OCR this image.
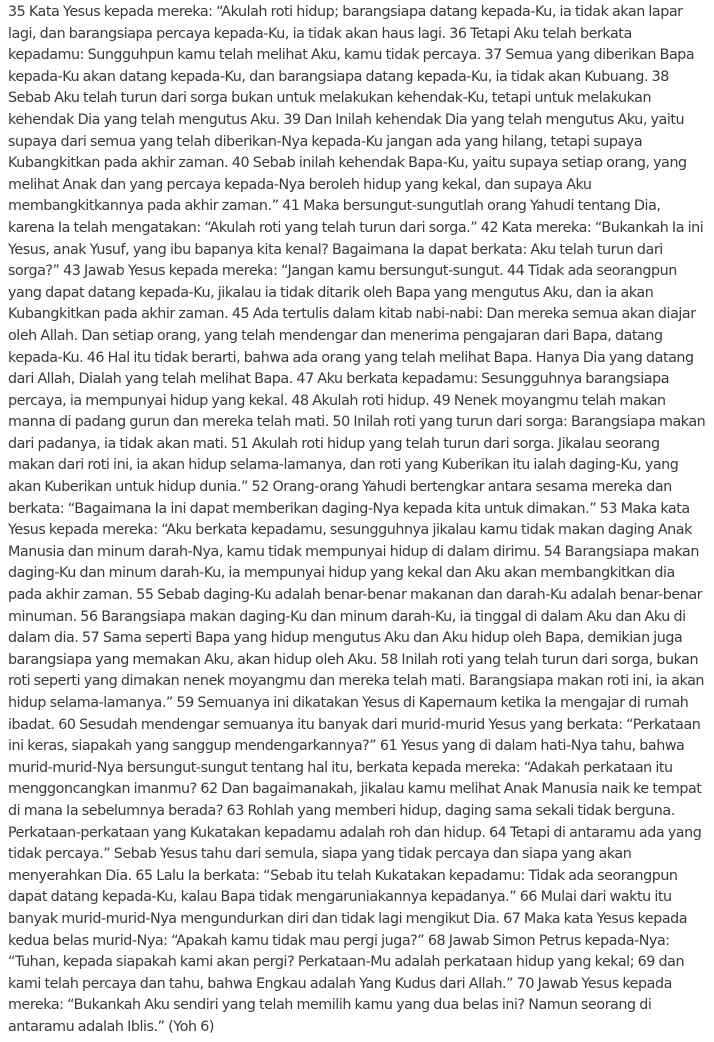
35 Kata Yesus kepada mereka: “Akulah roti hidup; barangsiapa datang kepada-Ku, ia tidak akan lapar lagi, dan barangsiapa percaya kepada-Ku, ia tidak akan haus lagi. 36 Tetapi Aku telah berkata kepadamu: Sungguhpun kamu telah melihat Aku, kamu tidak percaya. 37 Semua yang diberikan Bapa kepada-Ku akan datang kepada-Ku, dan barangsiapa datang kepada-Ku, ia tidak akan Kubuang. 38 Sebab Aku telah turun dari sorga bukan untuk melakukan kehendak-Ku, tetapi untuk melakukan kehendak Dia yang telah mengutus Aku. 39 Dan Inilah kehendak Dia yang telah mengutus Aku, yaitu supaya dari semua yang telah diberikan-Nya kepada-Ku jangan ada yang hilang, tetapi supaya Kubangkitkan pada akhir zaman. 40 Sebab inilah kehendak Bapa-Ku, yaitu supaya setiap orang, yang melihat Anak dan yang percaya kepada-Nya beroleh hidup yang kekal, dan supaya Aku membangkitkannya pada akhir zaman.” 41 Maka bersungut-sungutlah orang Yahudi tentang Dia, karena Ia telah mengatakan: “Akulah roti yang telah turun dari sorga.” 42 Kata mereka: “Bukankah Ia ini Yesus, anak Yusuf, yang ibu bapanya kita kenal? Bagaimana Ia dapat berkata: Aku telah turun dari sorga?” 43 Jawab Yesus kepada mereka: “Jangan kamu bersungut-sungut. 44 Tidak ada seorangpun yang dapat datang kepada-Ku, jikalau ia tidak ditarik oleh Bapa yang mengutus Aku, dan ia akan Kubangkitkan pada akhir zaman. 45 Ada tertulis dalam kitab nabi-nabi: Dan mereka semua akan diajar oleh Allah. Dan setiap orang, yang telah mendengar dan menerima pengajaran dari Bapa, datang kepada-Ku. 46 Hal itu tidak berarti, bahwa ada orang yang telah melihat Bapa. Hanya Dia yang datang dari Allah, Dialah yang telah melihat Bapa. 47 Aku berkata kepadamu: Sesungguhnya barangsiapa percaya, ia mempunyai hidup yang kekal. 48 Akulah roti hidup. 49 Nenek moyangmu telah makan manna di padang gurun dan mereka telah mati. 50 Inilah roti yang turun dari sorga: Barangsiapa makan dari padanya, ia tidak akan mati. 51 Akulah roti hidup yang telah turun dari sorga. Jikalau seorang makan dari roti ini, ia akan hidup selama-lamanya, dan roti yang Kuberikan itu ialah daging-Ku, yang akan Kuberikan untuk hidup dunia.” 52 Orang-orang Yahudi bertengkar antara sesama mereka dan berkata: “Bagaimana Ia ini dapat memberikan daging-Nya kepada kita untuk dimakan.” 53 Maka kata Yesus kepada mereka: “Aku berkata kepadamu, sesungguhnya jikalau kamu tidak makan daging Anak Manusia dan minum darah-Nya, kamu tidak mempunyai hidup di dalam dirimu. 54 Barangsiapa makan daging-Ku dan minum darah-Ku, ia mempunyai hidup yang kekal dan Aku akan membangkitkan dia pada akhir zaman. 55 Sebab daging-Ku adalah benar-benar makanan dan darah-Ku adalah benar-benar minuman. 56 Barangsiapa makan daging-Ku dan minum darah-Ku, ia tinggal di dalam Aku dan Aku di dalam dia. 57 Sama seperti Bapa yang hidup mengutus Aku dan Aku hidup oleh Bapa, demikian juga barangsiapa yang memakan Aku, akan hidup oleh Aku. 58 Inilah roti yang telah turun dari sorga, bukan roti seperti yang dimakan nenek moyangmu dan mereka telah mati. Barangsiapa makan roti ini, ia akan hidup selama-lamanya.” 59 Semuanya ini dikatakan Yesus di Kapernaum ketika Ia mengajar di rumah ibadat. 60 Sesudah mendengar semuanya itu banyak dari murid-murid Yesus yang berkata: “Perkataan ini keras, siapakah yang sanggup mendengarkannya?” 61 Yesus yang di dalam hati-Nya tahu, bahwa murid-murid-Nya bersungut-sungut tentang hal itu, berkata kepada mereka: “Adakah perkataan itu menggoncangkan imanmu? 62 Dan bagaimanakah, jikalau kamu melihat Anak Manusia naik ke tempat di mana Ia sebelumnya berada? 63 Rohlah yang memberi hidup, daging sama sekali tidak berguna. Perkataan-perkataan yang Kukatakan kepadamu adalah roh dan hidup. 64 Tetapi di antaramu ada yang tidak percaya.” Sebab Yesus tahu dari semula, siapa yang tidak percaya dan siapa yang akan menyerahkan Dia. 65 Lalu Ia berkata: “Sebab itu telah Kukatakan kepadamu: Tidak ada seorangpun dapat datang kepada-Ku, kalau Bapa tidak mengaruniakannya kepadanya.” 66 Mulai dari waktu itu banyak murid-murid-Nya mengundurkan diri dan tidak lagi mengikut Dia. 67 Maka kata Yesus kepada kedua belas murid-Nya: “Apakah kamu tidak mau pergi juga?” 68 Jawab Simon Petrus kepada-Nya: “Tuhan, kepada siapakah kami akan pergi? Perkataan-Mu adalah perkataan hidup yang kekal; 69 dan kami telah percaya dan tahu, bahwa Engkau adalah Yang Kudus dari Allah.” 70 Jawab Yesus kepada mereka: “Bukankah Aku sendiri yang telah memilih kamu yang dua belas ini? Namun seorang di antaramu adalah Iblis.” (Yoh 6)
